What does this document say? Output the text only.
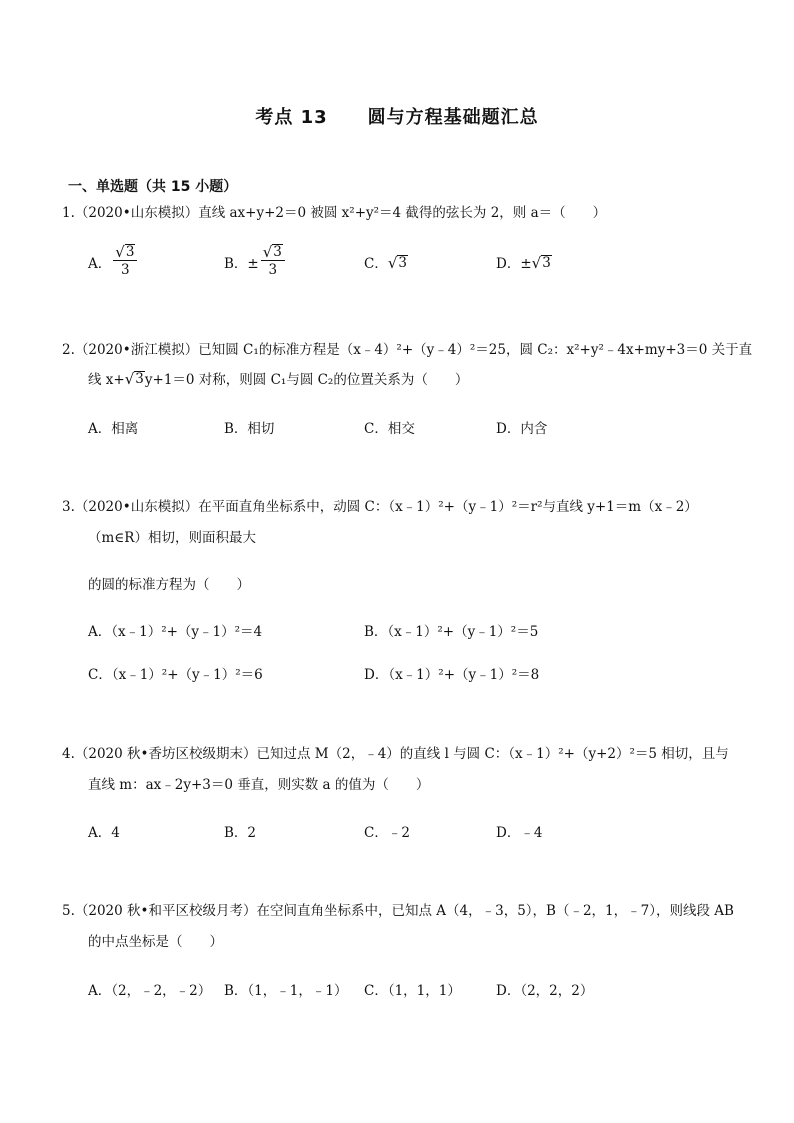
考点 13 圆与方程基础题汇总
一、单选题（共 15 小题）
1.（2020•山东模拟）直线 ax+y+2＝0 被圆 x²+y²＝4 截得的弦长为 2，则 a＝（　　）
A． $\frac{√ 3}{3}$	B．± $\frac{√ 3}{3}$	C． √ 3	D．± √ 3
2.（2020•浙江模拟）已知圆 C₁的标准方程是（x﹣4）²+（y﹣4）²＝25，圆 C₂：x²+y²﹣4x+my+3＝0 关于直
线 x+ √ 3 y+1＝0 对称，则圆 C₁与圆 C₂的位置关系为（　　）
A．相离	B．相切	C．相交	D．内含
3.（2020•山东模拟）在平面直角坐标系中，动圆 C：（x﹣1）²+（y﹣1）²＝r²与直线 y+1＝m（x﹣2）
（m∈R）相切，则面积最大
的圆的标准方程为（　　）
A．（x﹣1）²+（y﹣1）²＝4	B．（x﹣1）²+（y﹣1）²＝5
C．（x﹣1）²+（y﹣1）²＝6	D．（x﹣1）²+（y﹣1）²＝8
4.（2020 秋•香坊区校级期末）已知过点 M（2，﹣4）的直线 l 与圆 C：（x﹣1）²+（y+2）²＝5 相切，且与
直线 m：ax﹣2y+3＝0 垂直，则实数 a 的值为（　　）
A．4	B．2	C．﹣2	D．﹣4
5.（2020 秋•和平区校级月考）在空间直角坐标系中，已知点 A（4，﹣3，5），B（﹣2，1，﹣7），则线段 AB
的中点坐标是（　　）
A．（2，﹣2，﹣2） B．（1，﹣1，﹣1） C．（1，1，1）	D．（2，2，2）
